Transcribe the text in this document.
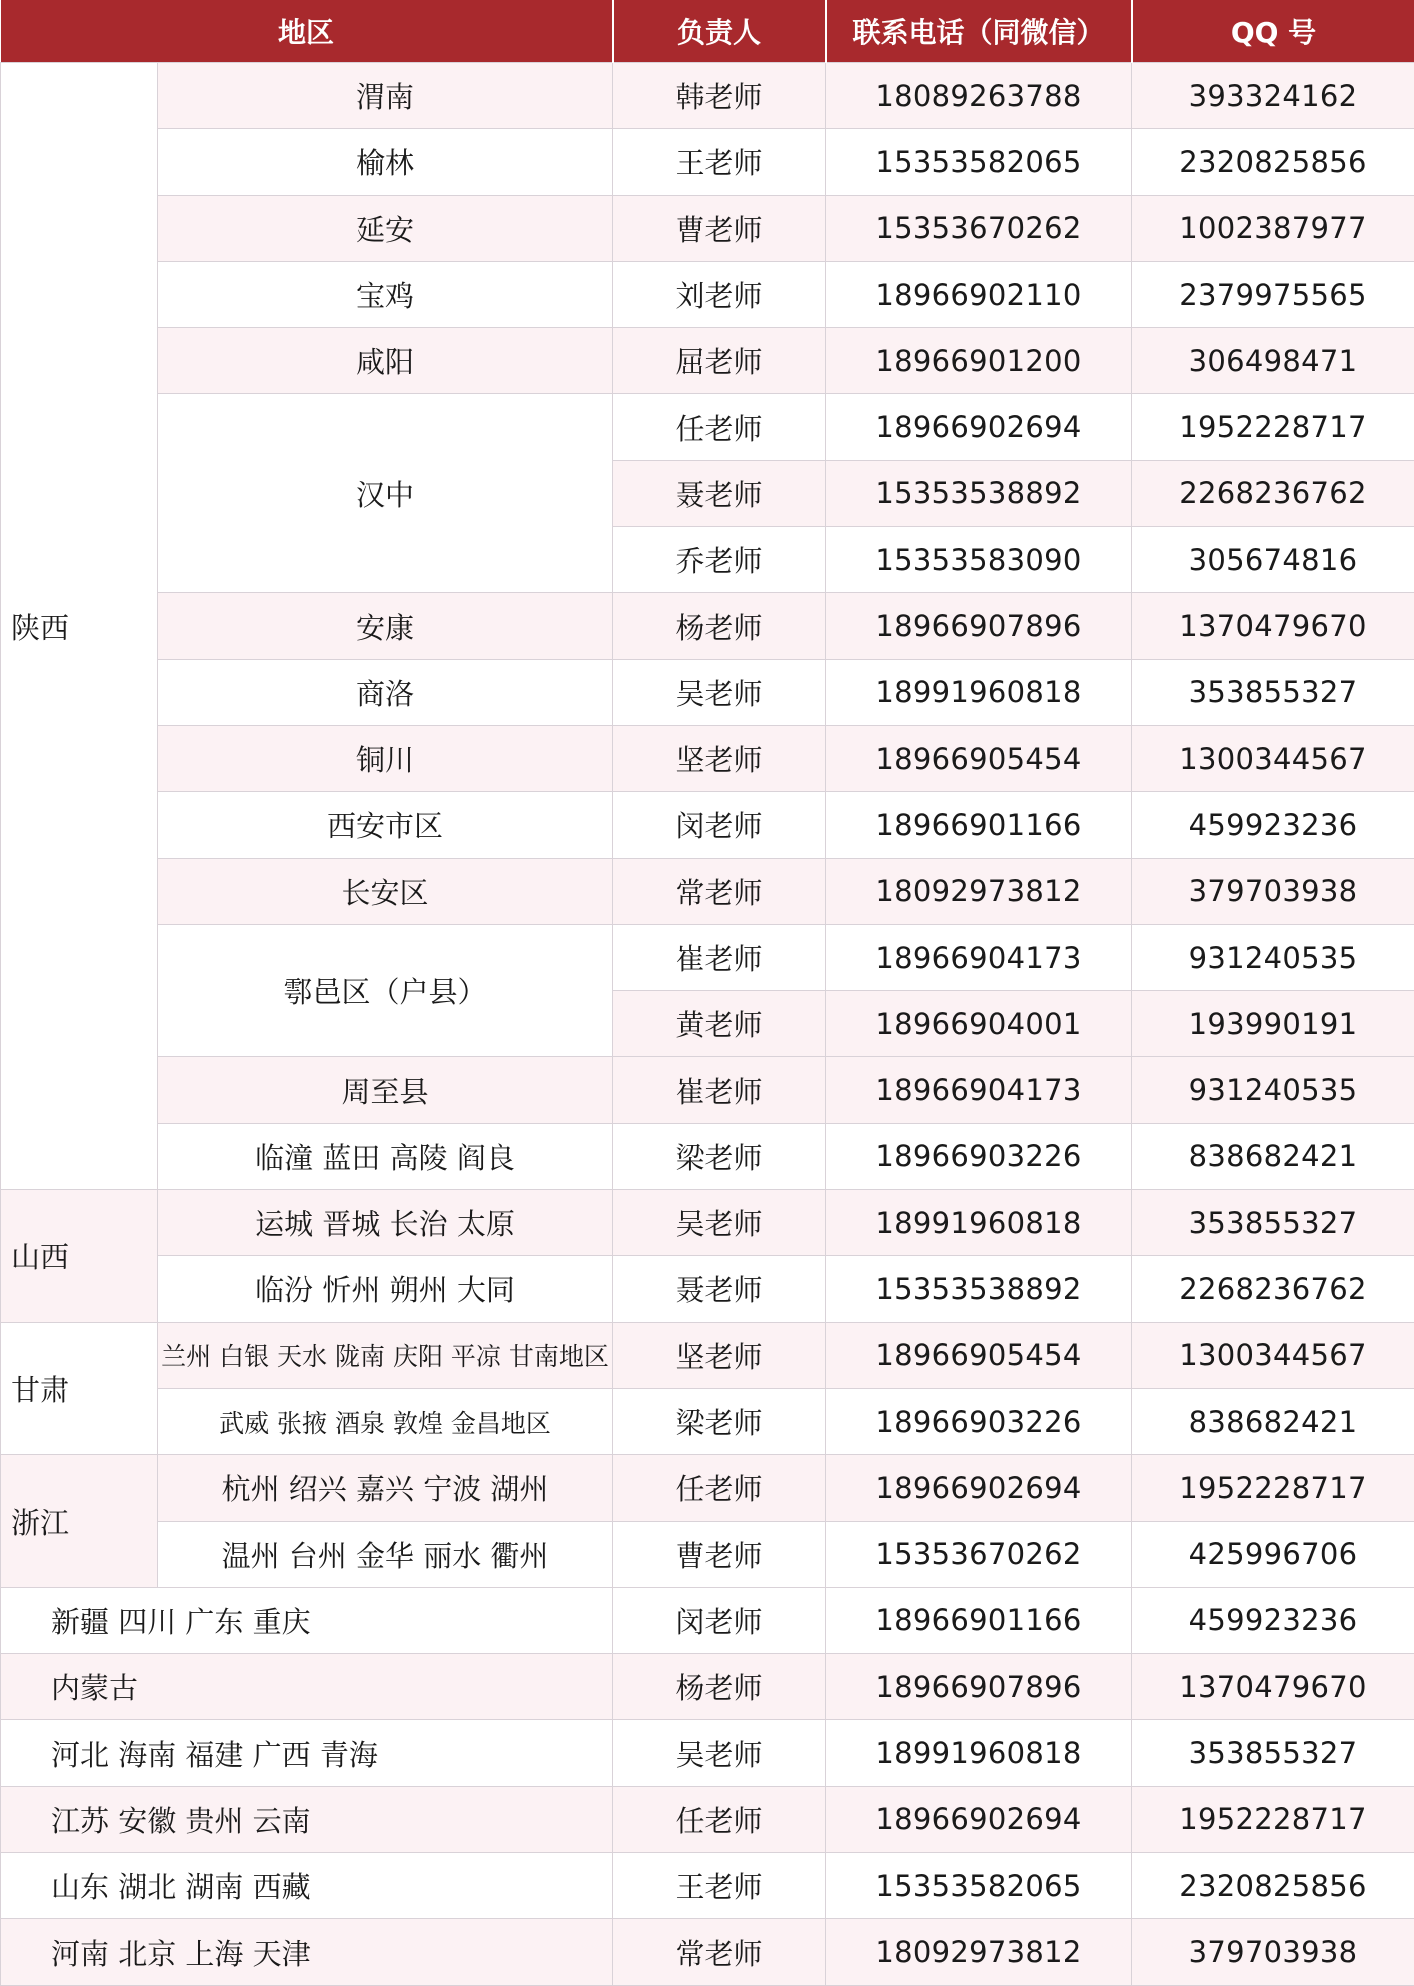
地区		负责人	联系电话（同微信）	QQ 号
陕西	渭南	韩老师	18089263788	393324162
	榆林	王老师	15353582065	2320825856
	延安	曹老师	15353670262	1002387977
	宝鸡	刘老师	18966902110	2379975565
	咸阳	屈老师	18966901200	306498471
	汉中	任老师	18966902694	1952228717
		聂老师	15353538892	2268236762
		乔老师	15353583090	305674816
	安康	杨老师	18966907896	1370479670
	商洛	吴老师	18991960818	353855327
	铜川	坚老师	18966905454	1300344567
	西安市区	闵老师	18966901166	459923236
	长安区	常老师	18092973812	379703938
	鄠邑区（户县）	崔老师	18966904173	931240535
		黄老师	18966904001	193990191
	周至县	崔老师	18966904173	931240535
	临潼 蓝田 高陵 阎良	梁老师	18966903226	838682421
山西	运城 晋城 长治 太原	吴老师	18991960818	353855327
	临汾 忻州 朔州 大同	聂老师	15353538892	2268236762
甘肃	兰州 白银 天水 陇南 庆阳 平凉 甘南地区	坚老师	18966905454	1300344567
	武威 张掖 酒泉 敦煌 金昌地区	梁老师	18966903226	838682421
浙江	杭州 绍兴 嘉兴 宁波 湖州	任老师	18966902694	1952228717
	温州 台州 金华 丽水 衢州	曹老师	15353670262	425996706
新疆 四川 广东 重庆		闵老师	18966901166	459923236
内蒙古		杨老师	18966907896	1370479670
河北 海南 福建 广西 青海		吴老师	18991960818	353855327
江苏 安徽 贵州 云南		任老师	18966902694	1952228717
山东 湖北 湖南 西藏		王老师	15353582065	2320825856
河南 北京 上海 天津		常老师	18092973812	379703938
